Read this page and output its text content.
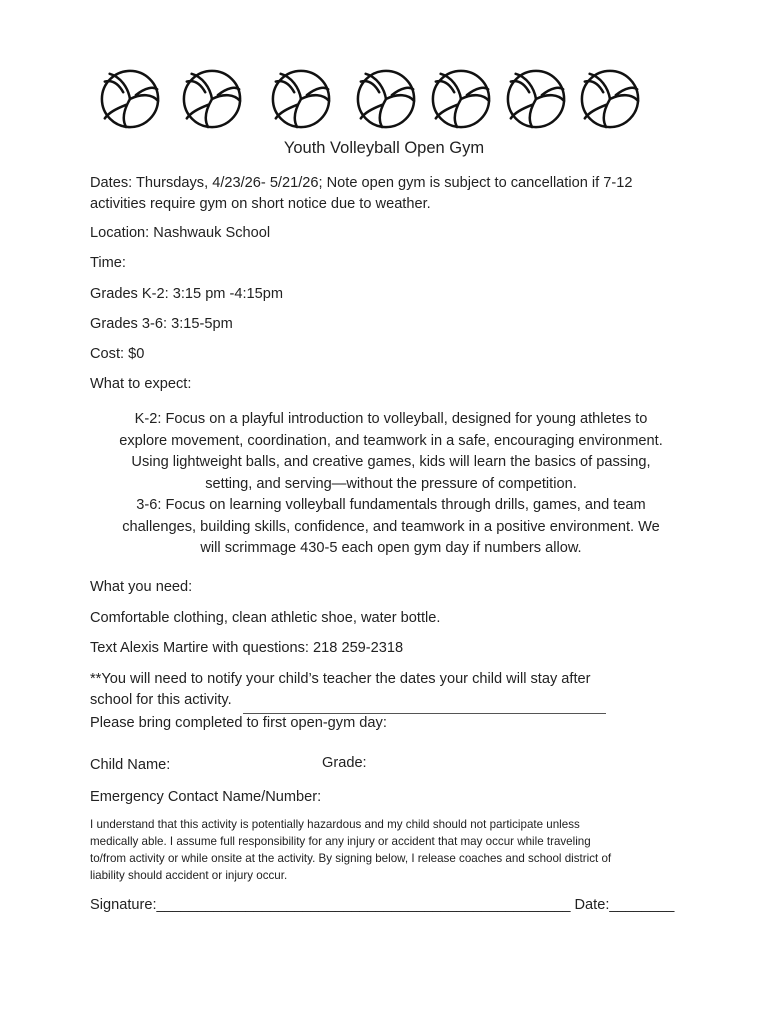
Youth Volleyball Open Gym
Dates: Thursdays, 4/23/26- 5/21/26; Note open gym is subject to cancellation if 7-12
activities require gym on short notice due to weather.
Location: Nashwauk School
Time:
Grades K-2: 3:15 pm -4:15pm
Grades 3-6: 3:15-5pm
Cost: $0
What to expect:
K-2: Focus on a playful introduction to volleyball, designed for young athletes to
explore movement, coordination, and teamwork in a safe, encouraging environment.
Using lightweight balls, and creative games, kids will learn the basics of passing,
setting, and serving—without the pressure of competition.
3-6: Focus on learning volleyball fundamentals through drills, games, and team
challenges, building skills, confidence, and teamwork in a positive environment. We
will scrimmage 430-5 each open gym day if numbers allow.
What you need:
Comfortable clothing, clean athletic shoe, water bottle.
Text Alexis Martire with questions: 218 259-2318
**You will need to notify your child’s teacher the dates your child will stay after
school for this activity.
Please bring completed to first open-gym day:
Child Name:	Grade:
Emergency Contact Name/Number:
I understand that this activity is potentially hazardous and my child should not participate unless
medically able. I assume full responsibility for any injury or accident that may occur while traveling
to/from activity or while onsite at the activity. By signing below, I release coaches and school district of
liability should accident or injury occur.
Signature:___________________________________________________ Date:________
